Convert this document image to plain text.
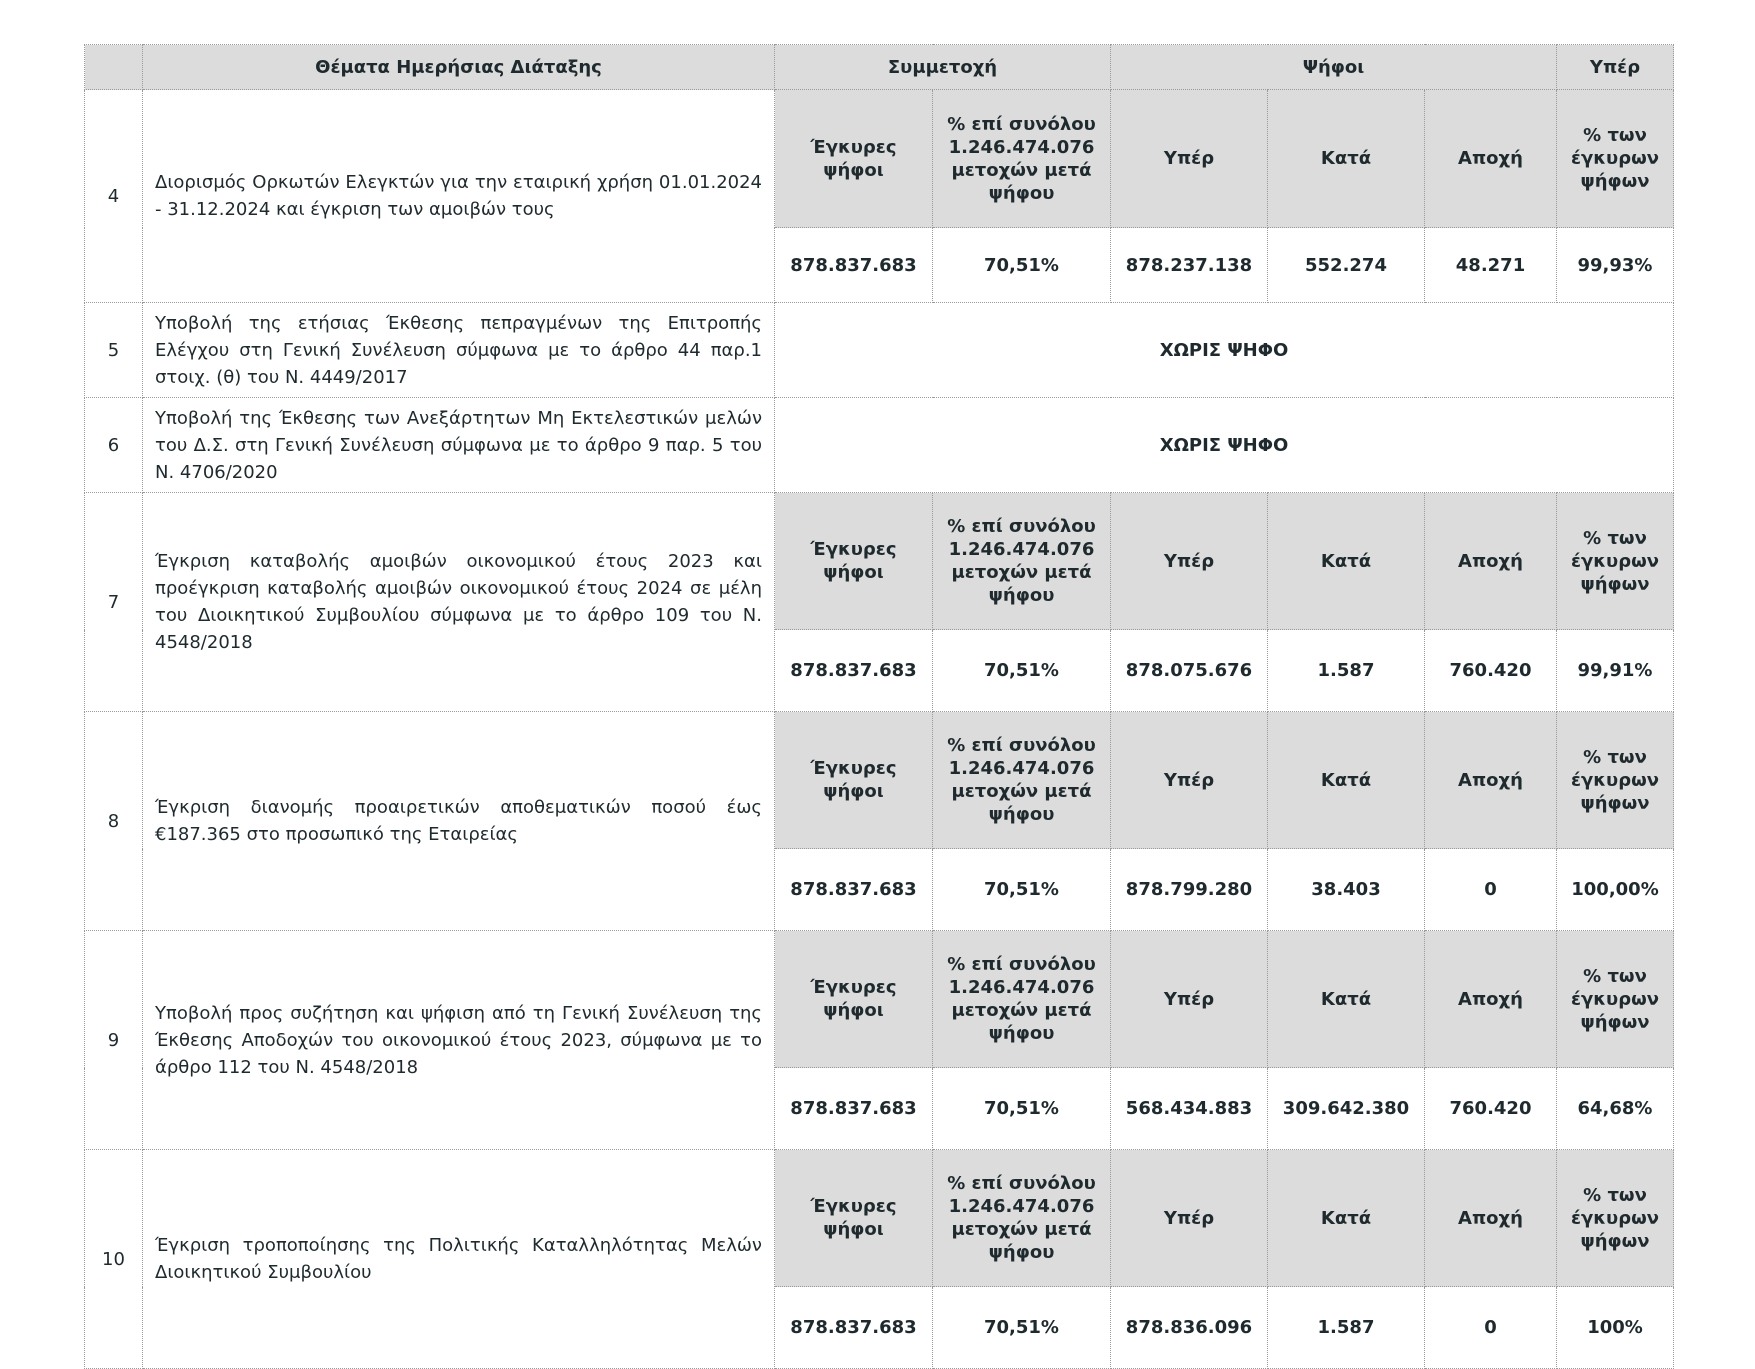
	Θέματα Ημερήσιας Διάταξης	Συμμετοχή		Ψήφοι			Υπέρ
4	Διορισμός Ορκωτών Ελεγκτών για την εταιρική χρήση 01.01.2024 - 31.12.2024 και έγκριση των αμοιβών τους	Έγκυρες ψήφοι	% επί συνόλου 1.246.474.076 μετοχών μετά ψήφου	Υπέρ	Κατά	Αποχή	% των έγκυρων ψήφων
		878.837.683	70,51%	878.237.138	552.274	48.271	99,93%
5	Υποβολή της ετήσιας Έκθεσης πεπραγμένων της Επιτροπής Ελέγχου στη Γενική Συνέλευση σύμφωνα με το άρθρο 44 παρ.1 στοιχ. (θ) του Ν. 4449/2017	ΧΩΡΙΣ ΨΗΦΟ					
6	Υποβολή της Έκθεσης των Ανεξάρτητων Μη Εκτελεστικών μελών του Δ.Σ. στη Γενική Συνέλευση σύμφωνα με το άρθρο 9 παρ. 5 του Ν. 4706/2020	ΧΩΡΙΣ ΨΗΦΟ					
7	Έγκριση καταβολής αμοιβών οικονομικού έτους 2023 και προέγκριση καταβολής αμοιβών οικονομικού έτους 2024 σε μέλη του Διοικητικού Συμβουλίου σύμφωνα με το άρθρο 109 του Ν. 4548/2018	Έγκυρες ψήφοι	% επί συνόλου 1.246.474.076 μετοχών μετά ψήφου	Υπέρ	Κατά	Αποχή	% των έγκυρων ψήφων
		878.837.683	70,51%	878.075.676	1.587	760.420	99,91%
8	Έγκριση διανομής προαιρετικών αποθεματικών ποσού έως €187.365 στο προσωπικό της Εταιρείας	Έγκυρες ψήφοι	% επί συνόλου 1.246.474.076 μετοχών μετά ψήφου	Υπέρ	Κατά	Αποχή	% των έγκυρων ψήφων
		878.837.683	70,51%	878.799.280	38.403	0	100,00%
9	Υποβολή προς συζήτηση και ψήφιση από τη Γενική Συνέλευση της Έκθεσης Αποδοχών του οικονομικού έτους 2023, σύμφωνα με το άρθρο 112 του Ν. 4548/2018	Έγκυρες ψήφοι	% επί συνόλου 1.246.474.076 μετοχών μετά ψήφου	Υπέρ	Κατά	Αποχή	% των έγκυρων ψήφων
		878.837.683	70,51%	568.434.883	309.642.380	760.420	64,68%
10	Έγκριση τροποποίησης της Πολιτικής Καταλληλότητας Μελών Διοικητικού Συμβουλίου	Έγκυρες ψήφοι	% επί συνόλου 1.246.474.076 μετοχών μετά ψήφου	Υπέρ	Κατά	Αποχή	% των έγκυρων ψήφων
		878.837.683	70,51%	878.836.096	1.587	0	100%
